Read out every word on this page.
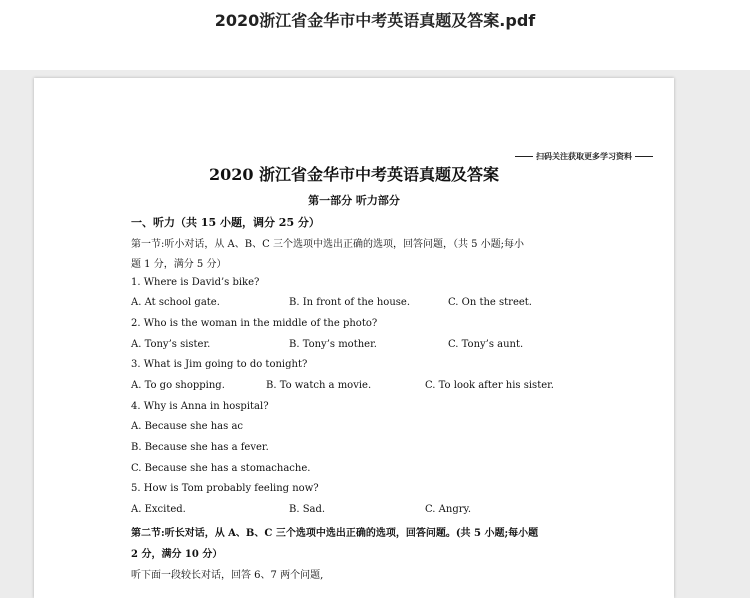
2020浙江省金华市中考英语真题及答案.pdf
扫码关注获取更多学习资料
2020 浙江省金华市中考英语真题及答案
第一部分 听力部分
一、听力（共 15 小题，调分 25 分）
第一节:听小对话，从 A、B、C 三个选项中选出正确的选项，回答问题，（共 5 小题;每小
题 1 分，满分 5 分）
1. Where is David’s bike?
A. At school gate.	B. In front of the house.	C. On the street.
2. Who is the woman in the middle of the photo?
A. Tony’s sister.	B. Tony’s mother.	C. Tony’s aunt.
3. What is Jim going to do tonight?
A. To go shopping.	B. To watch a movie.	C. To look after his sister.
4. Why is Anna in hospital?
A. Because she has ac
B. Because she has a fever.
C. Because she has a stomachache.
5. How is Tom probably feeling now?
A. Excited.	B. Sad.	C. Angry.
第二节:听长对话，从 A、B、C 三个选项中选出正确的选项，回答问题。(共 5 小题;每小题
2 分，满分 10 分）
听下面一段较长对话，回答 6、7 两个问题,
